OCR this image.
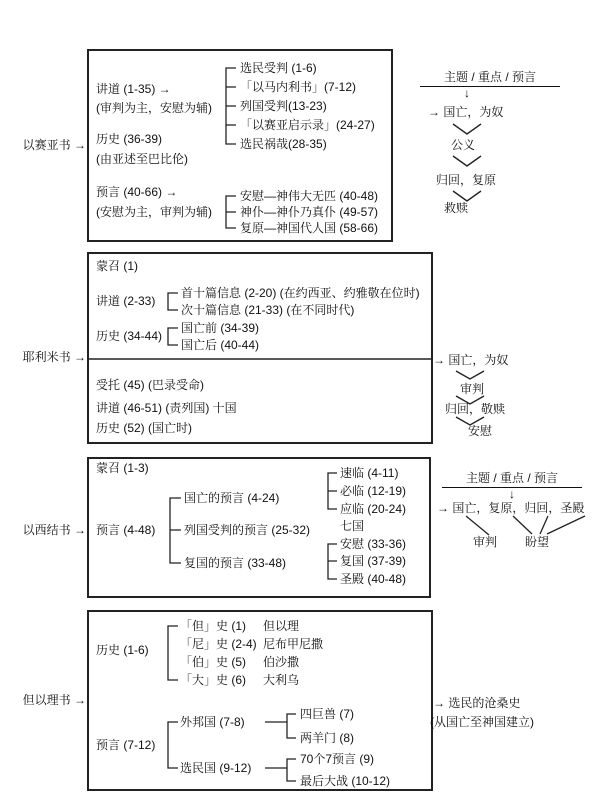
以赛亚书 →
讲道 (1-35) →
(审判为主，安慰为辅)
历史 (36-39)
(由亚述至巴比伦)
预言 (40-66) →
(安慰为主，审判为辅)
选民受判 (1-6)
「以马内利书」(7-12)
列国受判(13-23)
「以赛亚启示录」(24-27)
选民祸哉(28-35)
安慰—神伟大无匹 (40-48)
神仆—神仆乃真仆 (49-57)
复原—神国代人国 (58-66)
主题 / 重点 / 预言
↓
→ 国亡，为奴
公义
归回，复原
救赎
耶利米书 →
蒙召 (1)
讲道 (2-33)
历史 (34-44)
首十篇信息 (2-20) (在约西亚、约雅敬在位时)
次十篇信息 (21-33) (在不同时代)
国亡前 (34-39)
国亡后 (40-44)
受托 (45) (巴录受命)
讲道 (46-51) (责列国) 十国
历史 (52) (国亡时)
→ 国亡，为奴
审判
归回，敬赎
安慰
以西结书 →
蒙召 (1-3)
预言 (4-48)
国亡的预言 (4-24)
列国受判的预言 (25-32)
复国的预言 (33-48)
速临 (4-11)
必临 (12-19)
应临 (20-24)
七国
安慰 (33-36)
复国 (37-39)
圣殿 (40-48)
主题 / 重点 / 预言
↓
→ 国亡，复原，归回，圣殿
审判 盼望
但以理书 →
历史 (1-6)
预言 (7-12)
「但」史 (1)
「尼」史 (2-4)
「伯」史 (5)
「大」史 (6)
但以理
尼布甲尼撒
伯沙撒
大利乌
外邦国 (7-8)
选民国 (9-12)
四巨兽 (7)
两羊门 (8)
70个7预言 (9)
最后大战 (10-12)
→ 选民的沧桑史
(从国亡至神国建立)
